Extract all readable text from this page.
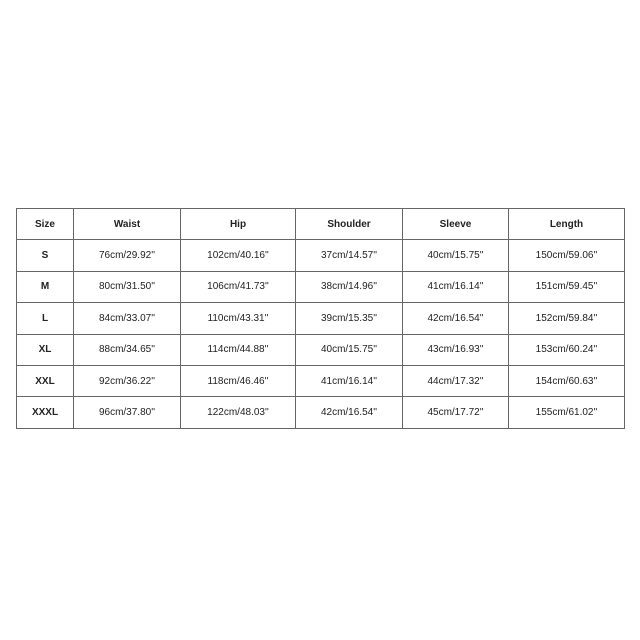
Size	Waist	Hip	Shoulder	Sleeve	Length
S	76cm/29.92''	102cm/40.16''	37cm/14.57''	40cm/15.75''	150cm/59.06''
M	80cm/31.50''	106cm/41.73''	38cm/14.96''	41cm/16.14''	151cm/59.45''
L	84cm/33.07''	110cm/43.31''	39cm/15.35''	42cm/16.54''	152cm/59.84''
XL	88cm/34.65''	114cm/44.88''	40cm/15.75''	43cm/16.93''	153cm/60.24''
XXL	92cm/36.22''	118cm/46.46''	41cm/16.14''	44cm/17.32''	154cm/60.63''
XXXL	96cm/37.80''	122cm/48.03''	42cm/16.54''	45cm/17.72''	155cm/61.02''
